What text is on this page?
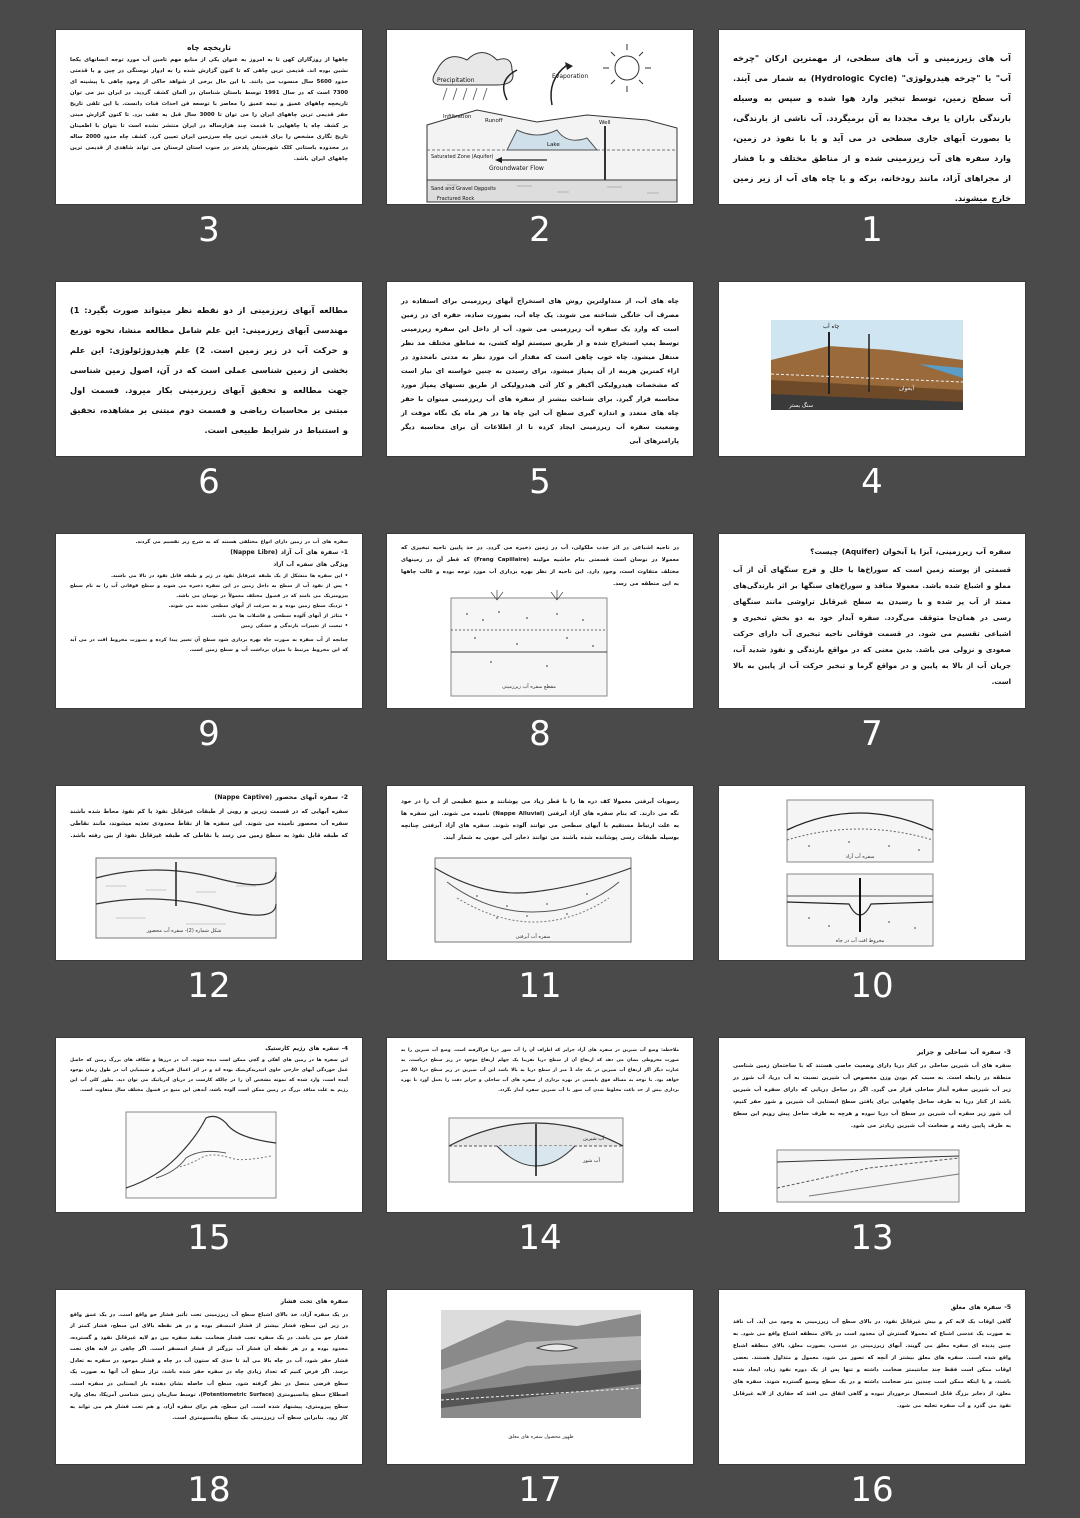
تاریخچه چاه
چاهها از روزگاران کهن تا به امروز به عنوان یکی از منابع مهم تامین آب مورد توجه انسانهای یکجا نشین بوده اند. قدیمی ترین چاهی که تا کنون گزارش شده را به ادوار نوسنگی در چین و با قدمتی حدود 5600 سال منسوب می دانند. با این حال برخی از شواهد حاکی از وجود چاهی با پیشینه ای 7300 است که در سال 1991 توسط باستان شناسان در آلمان کشف گردید. در ایران نیز می توان تاریخچه چاههای عمیق و نیمه عمیق را معاصر با توسعه فن احداث قنات دانست. با این تلقی تاریخ حفر قدیمی ترین چاههای ایران را می توان تا 3000 سال قبل به عقب برد. تا کنون گزارش مبنی بر کشف چاه یا چاههایی با قدمت چند هزارساله در ایران منتشر نشده است تا بتوان با اطمینان تاریخ نگاری مشخص را برای قدیمی ترین چاه سرزمین ایران تعیین کرد. کشف چاه حدود 2000 ساله در محدوده باستانی کلک شهرستان پلدختر در جنوب استان لرستان می تواند شاهدی از قدیمی ترین چاههای ایران باشد.
3
Precipitation
Evaporation
Infiltration
Runoff	Well
Saturated Zone (Aquifer)
Groundwater Flow
Lake
Sand and Gravel Deposits
Fractured Rock
2
آب های زیرزمینی و آب های سطحی، از مهمترین ارکان "چرخه آب" یا "چرخه هیدرولوژی" (Hydrologic Cycle) به شمار می آیند. آب سطح زمین، توسط تبخیر وارد هوا شده و سپس به وسیله بارندگی باران یا برف مجددا به آن برمیگردد. آب ناشی از بارندگی، یا بصورت آبهای جاری سطحی در می آید و یا با نفوذ در زمین، وارد سفره های آب زیرزمینی شده و از مناطق مختلف و با فشار از مجراهای آزاد، مانند رودخانه، برکه و یا چاه های آب از زیر زمین خارج میشوند.
1
مطالعه آبهای زیرزمینی از دو نقطه نظر میتواند صورت بگیرد: 1) مهندسی آبهای زیرزمینی: این علم شامل مطالعه منشا، نحوه توزیع و حرکت آب در زیر زمین است. 2) علم هیدروژئولوژی: این علم بخشی از زمین شناسی عملی است که در آن، اصول زمین شناسی جهت مطالعه و تحقیق آبهای زیرزمینی بکار میرود. قسمت اول مبتنی بر محاسبات ریاضی و قسمت دوم مبتنی بر مشاهده، تحقیق و استنباط در شرایط طبیعی است.
6
چاه های آب، از متداولترین روش های استخراج آبهای زیرزمینی برای استفاده در مصرف آب خانگی شناخته می شوند. یک چاه آب، بصورت ساده، حفره ای در زمین است که وارد یک سفره آب زیرزمینی می شود. آب از داخل این سفره زیرزمینی توسط پمپ استخراج شده و از طریق سیستم لوله کشی، به مناطق مختلف مد نظر منتقل میشود. چاه خوب چاهی است که مقدار آب مورد نظر به مدتی نامحدود در ازاء کمترین هزینه از آن پمپاژ میشود. برای رسیدن به چنین خواسته ای نیاز است که مشخصات هیدرولیکی آکیفر و کار آئی هیدرولیکی از طریق تستهای پمپاژ مورد محاسبه قرار گیرد. برای شناخت بیشتر از سفره های آب زیرزمینی میتوان با حفر چاه های متعدد و اندازه گیری سطح آب این چاه ها در هر ماه یک نگاه موقت از وضعیت سفره آب زیرزمینی ایجاد کرده تا از اطلاعات آن برای محاسبه دیگر پارامترهای آبی
5
چاه آب
آبخوان
سنگ بستر
4
سفره های آب در زمین دارای انواع مختلفی هستند که به شرح زیر تقسیم می گردند.
1- سفره های آب آزاد (Nappe Libre)
ویژگی های سفره آب آزاد
• این سفره ها متشکل از یک طبقه غیرقابل نفوذ در زیر و طبقه قابل نفوذ در بالا می باشند.
• پس از نفوذ آب از سطح به داخل زمین در این سفره ذخیره می شوند و سطح فوقانی آب را به نام سطح پیزومتریک می نامند که در فصول مختلف معمولاً در نوسان می باشد.
• نزدیک سطح زمین بوده و به سرعت از آبهای سطحی تغذیه می شوند.
• متاثر از آبهای آلوده سطحی و فاضلاب ها می باشند.
• تبعیت از تغییرات بارندگی و خشکی زمین
چنانچه از آب سفره به صورت چاه بهره برداری شود سطح آن تغییر پیدا کرده و بصورت مخروط افت در می آید که این مخروط مرتبط با میزان برداشت آب و سطح زمین است.
9
در ناحیه اشباعی در اثر جذب ملکولی، آب در زمین ذخیره می گردد. در حد پایین ناحیه تبخیری که معمولا در نوسان است قسمتی بنام حاشیه مولینه (Frang Capillaire) که قطر آن در زمینهای مختلف متفاوت است، وجود دارد. این ناحیه از نظر بهره برداری آب مورد توجه بوده و غالب چاهها به این منطقه می رسد.
مقطع سفره آب زیرزمینی
8
سفره آب زیرزمینی، آبزا یا آبخوان (Aquifer) چیست؟
قسمتی از پوسته زمین است که سوراخ‌ها یا خلل و فرج سنگهای آن از آب مملو و اشباع شده باشد. معمولا منافذ و سوراخ‌های سنگها بر اثر بارندگی‌های ممتد از آب پر شده و با رسیدن به سطح غیرقابل تراوشی مانند سنگهای رسی در همان‌جا متوقف می‌گردد. سفره آبدار خود به دو بخش تبخیری و اشباعی تقسیم می شود. در قسمت فوقانی ناحیه تبخیری آب دارای حرکت صعودی و نزولی می باشد. بدین معنی که در مواقع بارندگی و نفوذ شدید آب، جریان آب از بالا به پایین و در مواقع گرما و تبخیر حرکت آب از پایین به بالا است.
7
2- سفره آبهای محصور (Nappe Captive)
سفره آبهایی که در قسمت زیرین و رویی از طبقات غیرقابل نفوذ یا کم نفوذ محاط شده باشند سفره آب محصور نامیده می شوند. این سفره ها از نقاط محدودی تغذیه میشوند، مانند نقاطی که طبقه قابل نفوذ به سطح زمین می رسد یا نقاطی که طبقه غیرقابل نفوذ از بین رفته باشد.
شکل شماره (2)- سفره آب محصور
12
رسوبات آبرفتی معمولا کف دره ها را با قطر زیاد می پوشانند و منبع عظیمی از آب را در خود نگه می دارند. که بنام سفره های آزاد آبرفتی (Nappe Alluvial) نامیده می شوند. این سفره ها به علت ارتباط مستقیم با آبهای سطحی می توانند آلوده شوند. سفره های آزاد آبرفتی چنانچه بوسیله طبقات رسی پوشانده شده باشند می توانند ذخایر آبی خوبی به شمار آیند.
سفره آب آبرفتی
11
سفره آب آزاد
مخروط افت آب در چاه
10
4- سفره های رژیم کارستیک
این سفره ها در زمین های آهکی و گچی ممکن است دیده شوند. آب در درزها و شکاف های بزرگ زمین که حاصل عمل خوردگی آبهای خارجی حاوی انیدریدکربنیک بوده اند و در اثر اعمال فیزیکی و شیمیایی آب در طول زمان بوجود آمده است، وارد شده که نمونه مشخص آن را در چالکه کارست در دریای آدریاتیک می توان دید. بطور کلی آب این رژیم به علت مناقذ بزرگ در زمین ممکن است آلوده باشد، آبدهی این منبع در فصول مختلف سال متفاوت است.
15
ملاحظه: وضع آب شیرین در سفره های آزاد جزایر که اطراف آن را آب شور دریا فراگرفته است. وضع آب شیرین را به صورت مخروطی نشان می دهد که ارتفاع آن از سطح دریا تقریبا یک چهلم ارتفاع موجود در زیر سطح دریاست. به عبارت دیگر اگر ارتفاع آب شیرین در یک چاه 1 متر از سطح دریا به بالا باشد این آب شیرین در زیر سطح دریا 40 متر خواهد بود. با توجه به مساله فوق بایستی در بهره برداری از سفره های آب ساحلی و جزایر دقت را بعمل آورد تا بهره برداری بیش از حد باعث مخلوط شدن آب شور با آب شیرین سفره آبدار نگردد.
آب شیرین
آب شور
14
3- سفره آب ساحلی و جزایر
سفره های آب شیرین ساحلی در کنار دریا دارای وضعیت خاصی هستند که با ساختمان زمین شناسی منطقه در رابطه است. به سبب کم بودن وزن مخصوص آب شیرین نسبت به آب دریا، آب شور در زیر آب شیرین سفره آبدار ساحلی قرار می گیرد. اگر در ساحل دریایی که دارای سفره آب شیرین باشد از کنار دریا به طرف ساحل چاههایی برای یافتن سطح ایستایی آب شیرین و شور حفر کنیم، آب شور زیر سفره آب شیرین در سطح آب دریا نبوده و هرچه به طرف ساحل پیش رویم این سطح به طرف پایین رفته و ضخامت آب شیرین زیادتر می شود.
13
سفره های تحت فشار
در یک سفره آزاد، حد بالای اشباع سطح آب زیرزمینی تحت تأثیر فشار جو واقع است. در یک عمق واقع در زیر این سطح، فشار بیشتر از فشار اتمسفر بوده و در هر نقطه بالای این سطح، فشار کمتر از فشار جو می باشد. در یک سفره تحت فشار ضخامت مفید سفره بین دو لایه غیرقابل نفوذ و گسترده، محدود بوده و در هر نقطه آن فشار آب بزرگتر از فشار اتمسفر است. اگر چاهی در لایه های تحت فشار حفر شود، آب در چاه بالا می آید تا حدی که ستون آب در چاه و فشار موجود در سفره به تعادل برسد. اگر فرض کنیم که تعداد زیادی چاه در سفره حفر شده باشد، تراز سطح آب آنها به صورت یک سطح فرضی متصل در نظر گرفته شود. سطح آب حاصله نشان دهنده بار ایستایی در سفره است. اصطلاح سطح پتانسیومتری (Potentiometric Surface)، توسط سازمان زمین شناسی آمریکا، بجای واژه سطح پیزومتری، پیشنهاد شده است. این سطح، هم برای سفره آزاد، و هم تحت فشار هم می تواند به کار رود. بنابراین سطح آب زیرزمینی یک سطح پتانسیومتری است.
18
ظهور محصول سفره های معلق
17
5- سفره های معلق
گاهی اوقات یک لایه کم و بیش غیرقابل نفوذ، در بالای سطح آب زیرزمینی به وجود می آید. آب نافذ به صورت یک عدسی اشباع که معمولا گسترش آن محدود است در بالای منطقه اشباع واقع می شود. به چنین پدیده ای سفره معلق می گویند. آبهای زیرزمینی در عدسی، بصورت معلق، بالای منطقه اشباع واقع شده است. سفره های معلق بیشتر از آنچه که تصور می شود، معمول و متداول هستند. بعضی اوقات ممکن است فقط چند سانتیمتر ضخامت داشته و تنها پس از یک دوره نفوذ زیاد، ایجاد شده باشند، و یا اینکه ممکن است چندین متر ضخامت داشته و در یک سطح وسیع گسترده شوند. سفره های معلق، از ذخایر بزرگ قابل استحصال برخوردار نبوده و گاهی اتفاق می افتد که حفاری از لایه غیرقابل نفوذ می گذرد و آب سفره تخلیه می شود.
16
